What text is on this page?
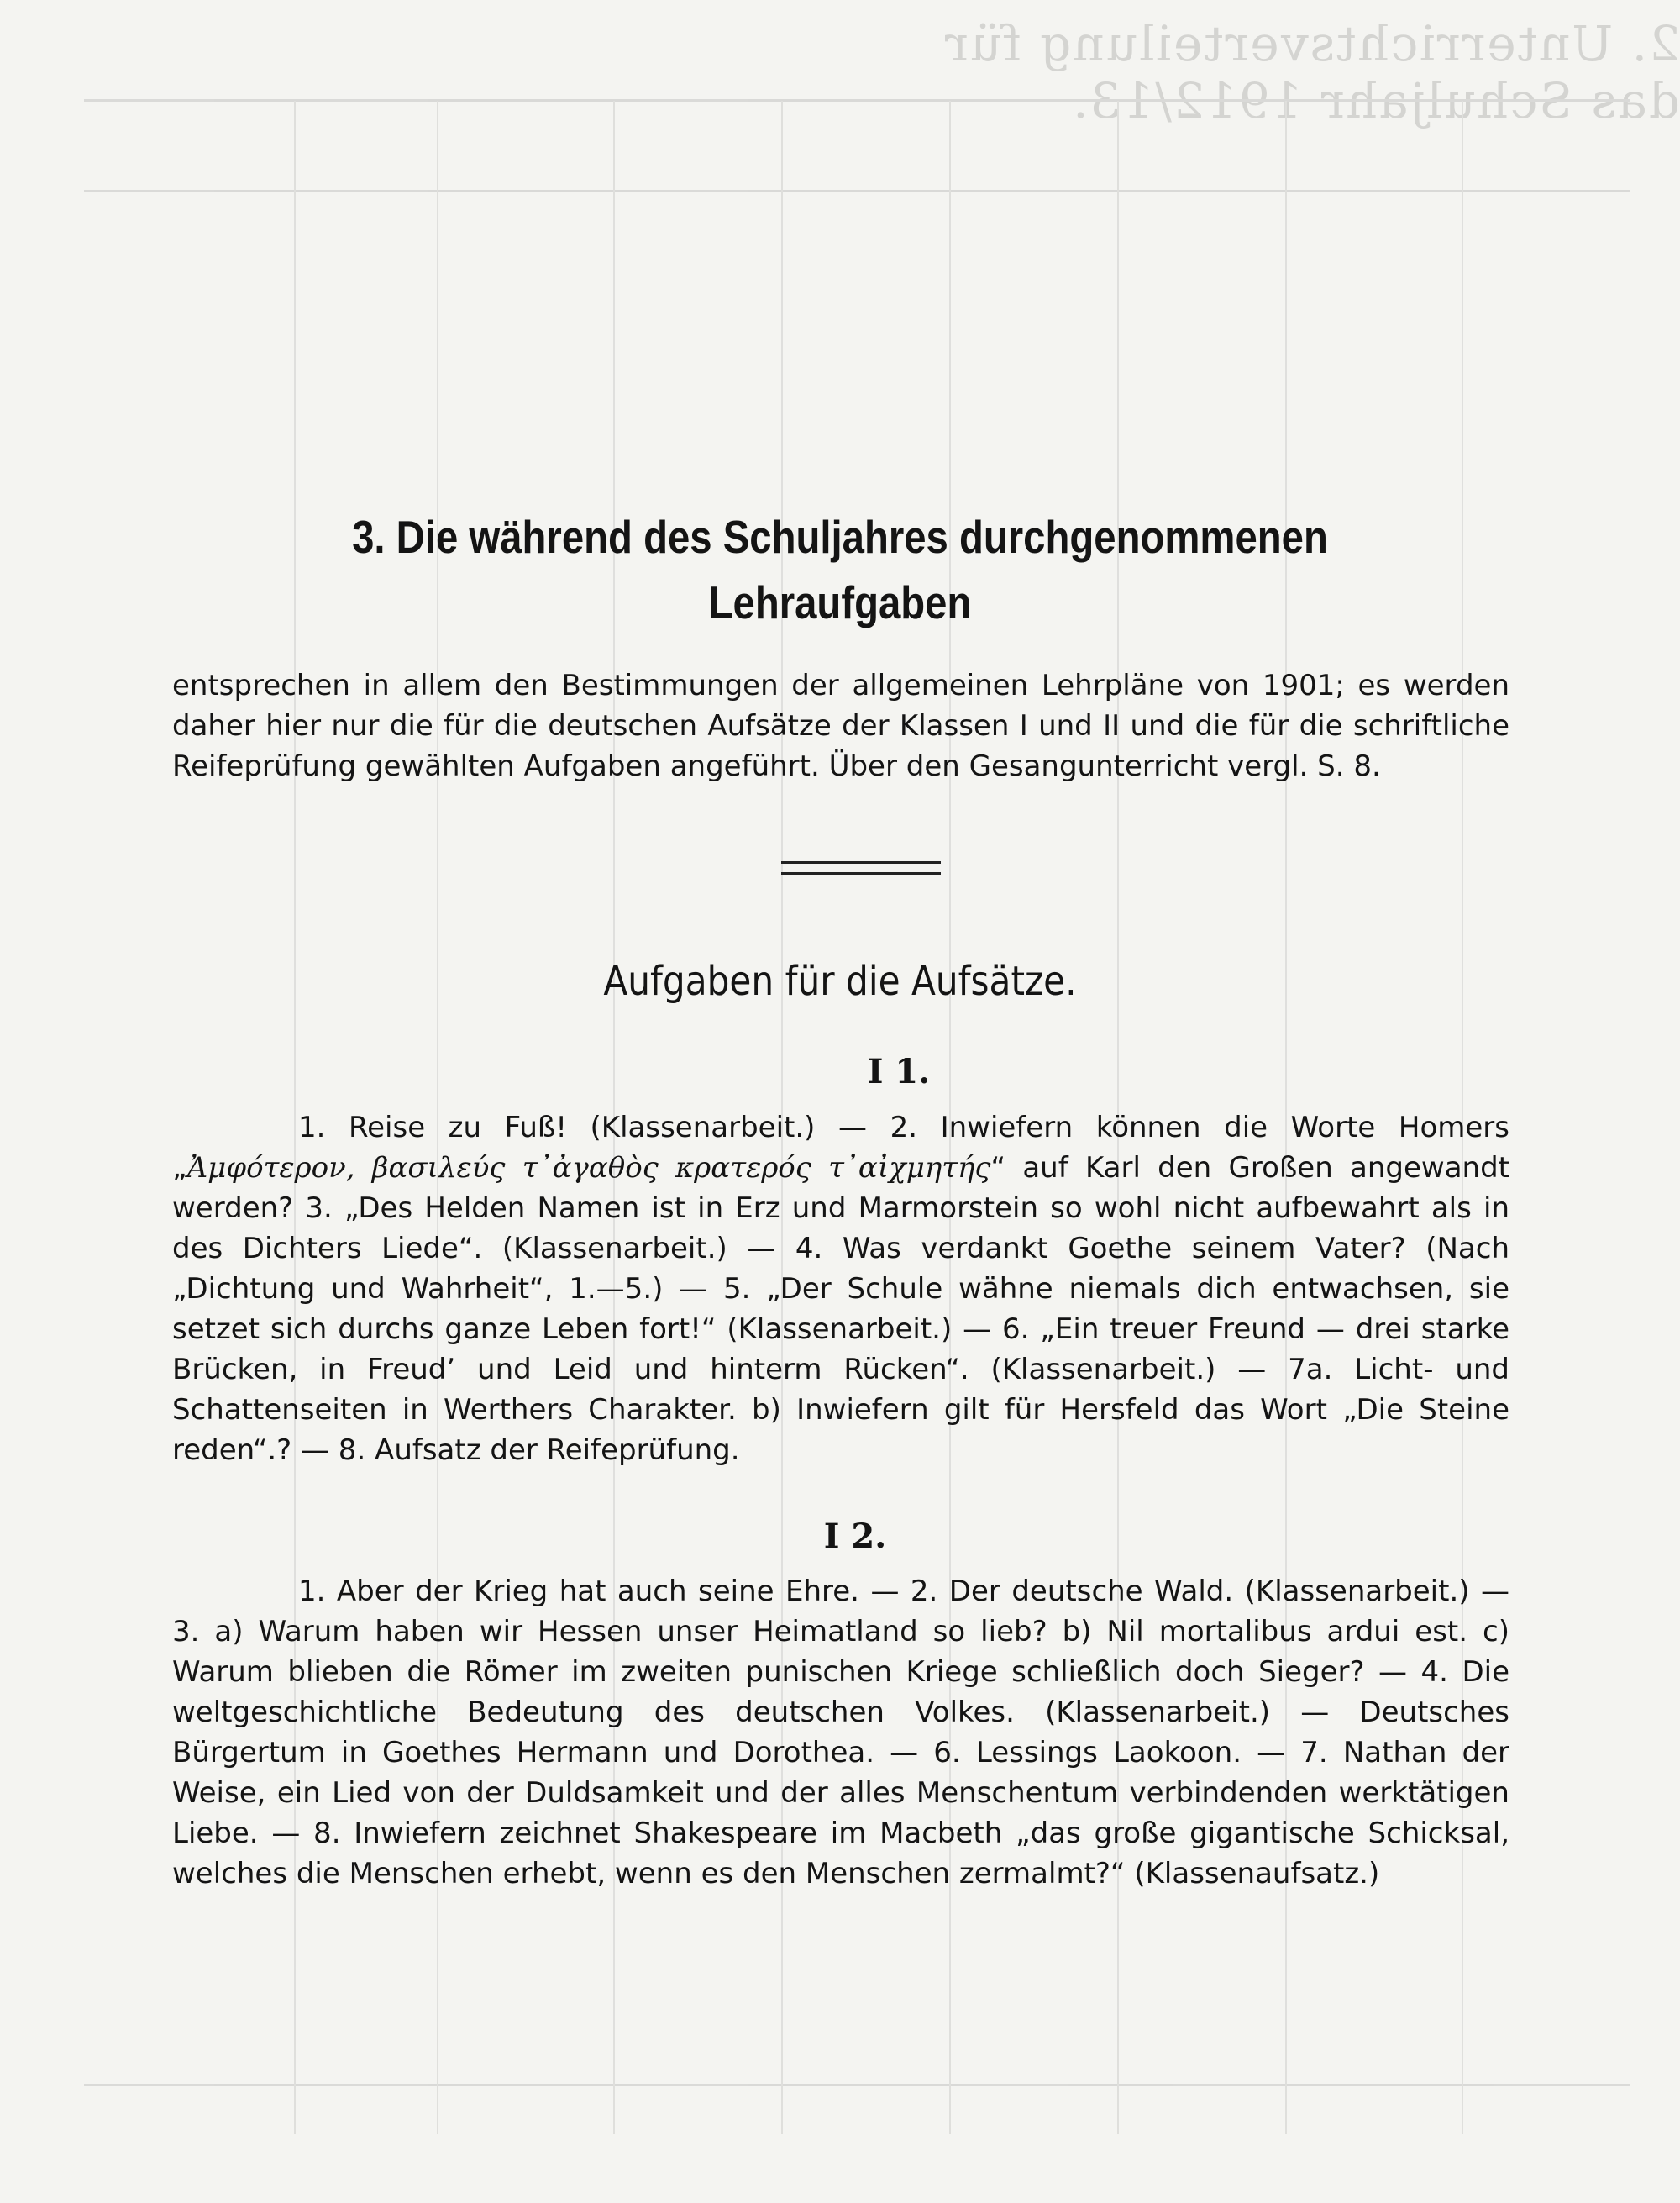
2. Unterrichtsverteilung für das Schuljahr 1912/13.
3. Die während des Schuljahres durchgenommenen
Lehraufgaben
entsprechen in allem den Bestimmungen der allgemeinen Lehrpläne von 1901; es werden daher hier nur die für die deutschen Aufsätze der Klassen I und II und die für die schriftliche Reifeprüfung gewählten Aufgaben angeführt. Über den Gesangunterricht vergl. S. 8.
Aufgaben für die Aufsätze.
I 1.

1. Reise zu Fuß! (Klassenarbeit.) — 2. Inwiefern können die Worte Homers „Ἀμφότερον, βασιλεύς τ᾽ἀγαθὸς κρατερός τ᾽αἰχμητής“ auf Karl den Großen angewandt werden? 3. „Des Helden Namen ist in Erz und Marmorstein so wohl nicht aufbewahrt als in des Dichters Liede“. (Klassenarbeit.) — 4. Was verdankt Goethe seinem Vater? (Nach „Dichtung und Wahrheit“, 1.—5.) — 5. „Der Schule wähne niemals dich entwachsen, sie setzet sich durchs ganze Leben fort!“ (Klassenarbeit.) — 6. „Ein treuer Freund — drei starke Brücken, in Freud’ und Leid und hinterm Rücken“. (Klassenarbeit.) — 7a. Licht- und Schattenseiten in Werthers Charakter. b) Inwiefern gilt für Hersfeld das Wort „Die Steine reden“.? — 8. Aufsatz der Reifeprüfung.

I 2.

1. Aber der Krieg hat auch seine Ehre. — 2. Der deutsche Wald. (Klassenarbeit.) — 3. a) Warum haben wir Hessen unser Heimatland so lieb? b) Nil mortalibus ardui est. c) Warum blieben die Römer im zweiten punischen Kriege schließlich doch Sieger? — 4. Die weltgeschichtliche Bedeutung des deutschen Volkes. (Klassenarbeit.) — Deutsches Bürgertum in Goethes Hermann und Dorothea. — 6. Lessings Laokoon. — 7. Nathan der Weise, ein Lied von der Duldsamkeit und der alles Menschentum verbindenden werktätigen Liebe. — 8. Inwiefern zeichnet Shakespeare im Macbeth „das große gigantische Schicksal, welches die Menschen erhebt, wenn es den Menschen zermalmt?“ (Klassenaufsatz.)
